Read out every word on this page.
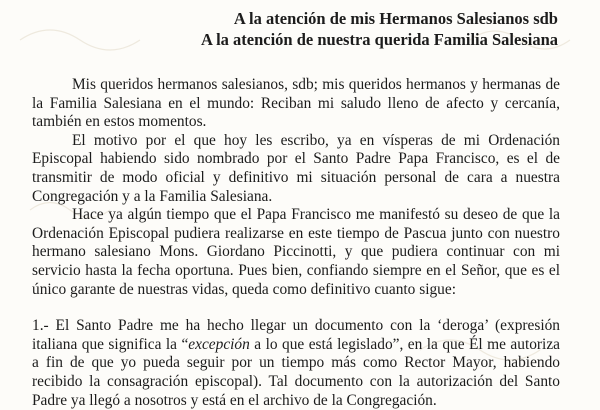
A la atención de mis Hermanos Salesianos sdb
A la atención de nuestra querida Familia Salesiana

Mis queridos hermanos salesianos, sdb; mis queridos hermanos y hermanas de la Familia Salesiana en el mundo: Reciban mi saludo lleno de afecto y cercanía, también en estos momentos.

El motivo por el que hoy les escribo, ya en vísperas de mi Ordenación Episcopal habiendo sido nombrado por el Santo Padre Papa Francisco, es el de transmitir de modo oficial y definitivo mi situación personal de cara a nuestra Congregación y a la Familia Salesiana.

Hace ya algún tiempo que el Papa Francisco me manifestó su deseo de que la Ordenación Episcopal pudiera realizarse en este tiempo de Pascua junto con nuestro hermano salesiano Mons. Giordano Piccinotti, y que pudiera continuar con mi servicio hasta la fecha oportuna. Pues bien, confiando siempre en el Señor, que es el único garante de nuestras vidas, queda como definitivo cuanto sigue:

1.- El Santo Padre me ha hecho llegar un documento con la ‘deroga’ (expresión italiana que significa la “excepción a lo que está legislado”, en la que Él me autoriza a fin de que yo pueda seguir por un tiempo más como Rector Mayor, habiendo recibido la consagración episcopal). Tal documento con la autorización del Santo Padre ya llegó a nosotros y está en el archivo de la Congregación.
